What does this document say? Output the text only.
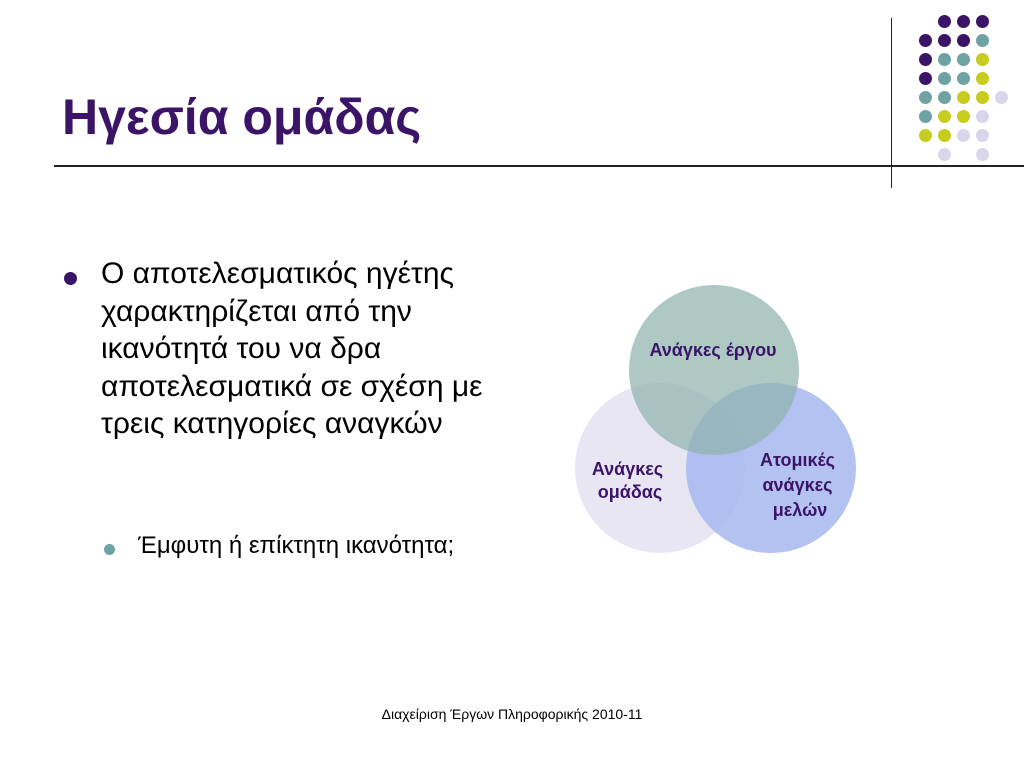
Ηγεσία ομάδας
Ο αποτελεσματικός ηγέτης χαρακτηρίζεται από την ικανότητά του να δρα αποτελεσματικά σε σχέση με τρεις κατηγορίες αναγκών
Έμφυτη ή επίκτητη ικανότητα;
Ανάγκες έργου
Ανάγκες ομάδας
Ατομικές ανάγκες μελών
Διαχείριση Έργων Πληροφορικής 2010-11
